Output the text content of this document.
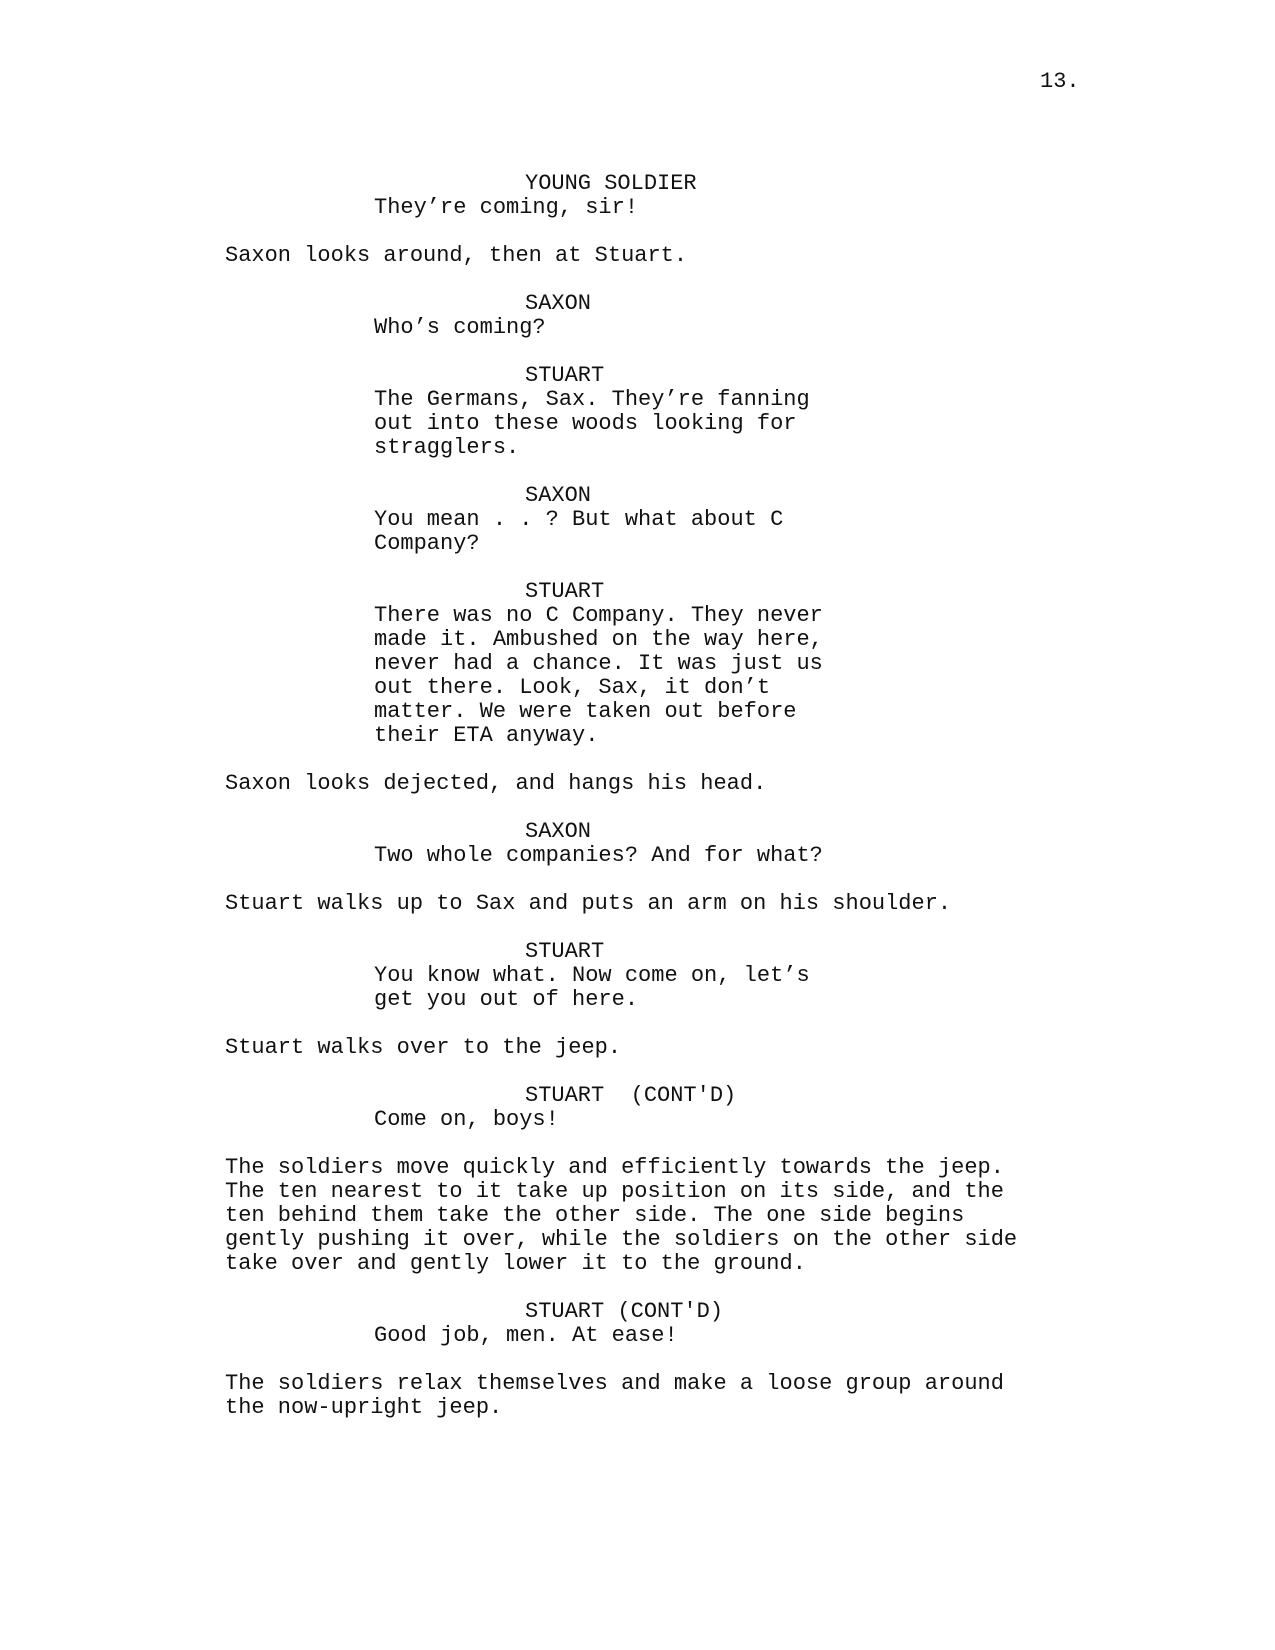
13.
YOUNG SOLDIER
They’re coming, sir!
Saxon looks around, then at Stuart.
SAXON
Who’s coming?
STUART
The Germans, Sax. They’re fanning
out into these woods looking for
stragglers.
SAXON
You mean . . ? But what about C
Company?
STUART
There was no C Company. They never
made it. Ambushed on the way here,
never had a chance. It was just us
out there. Look, Sax, it don’t
matter. We were taken out before
their ETA anyway.
Saxon looks dejected, and hangs his head.
SAXON
Two whole companies? And for what?
Stuart walks up to Sax and puts an arm on his shoulder.
STUART
You know what. Now come on, let’s
get you out of here.
Stuart walks over to the jeep.
STUART  (CONT'D)
Come on, boys!
The soldiers move quickly and efficiently towards the jeep.
The ten nearest to it take up position on its side, and the
ten behind them take the other side. The one side begins
gently pushing it over, while the soldiers on the other side
take over and gently lower it to the ground.
STUART (CONT'D)
Good job, men. At ease!
The soldiers relax themselves and make a loose group around
the now-upright jeep.
